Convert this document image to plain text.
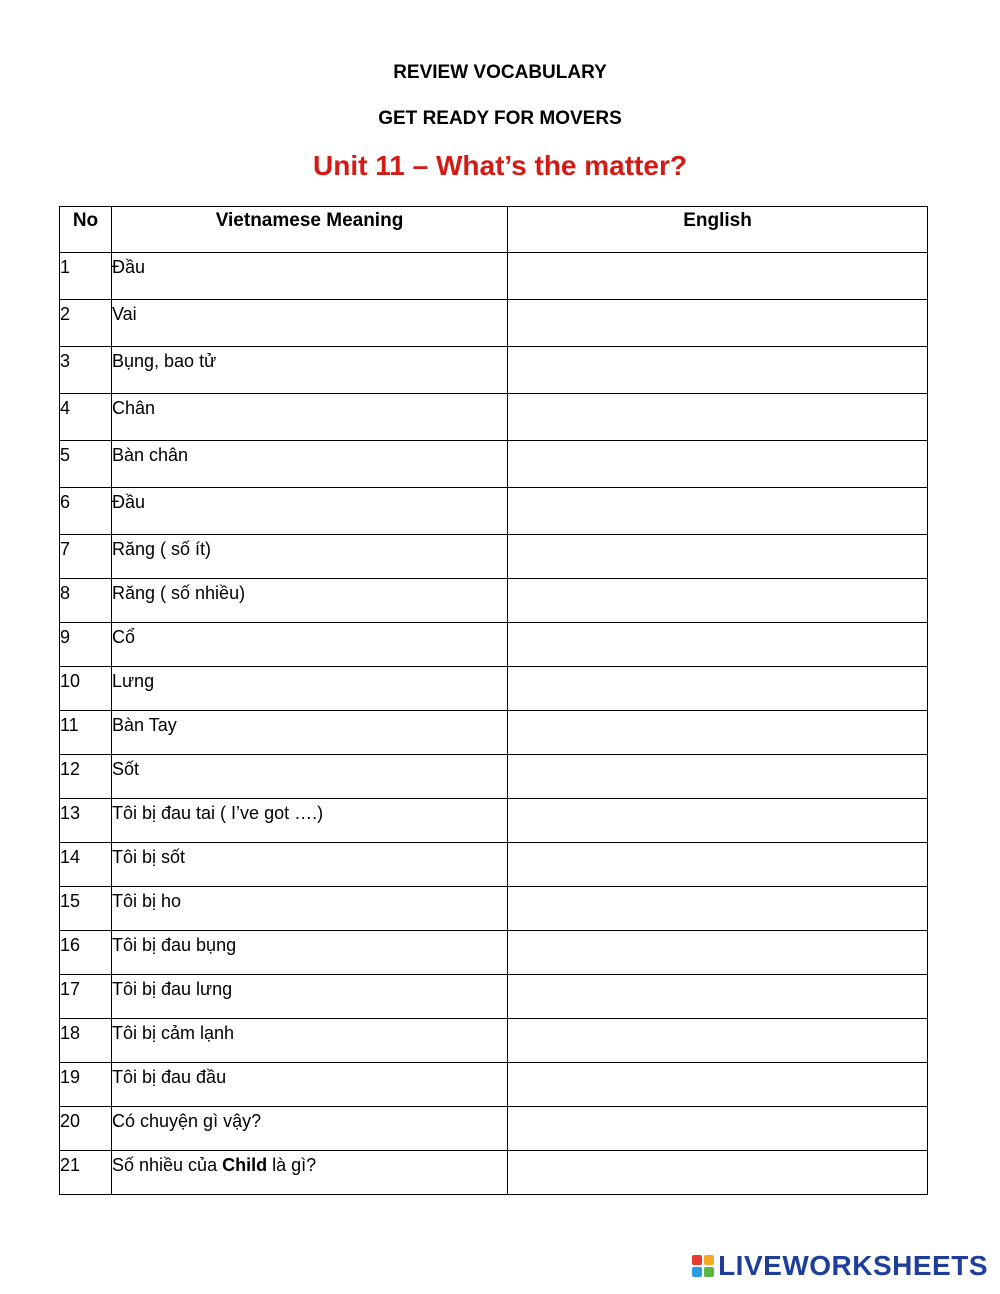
REVIEW VOCABULARY

GET READY FOR MOVERS

Unit 11 – What’s the matter?

No	Vietnamese Meaning	English
1	Đầu	

2	Vai	

3	Bụng, bao tử	

4	Chân	

5	Bàn chân	

6	Đầu	

7	Răng ( số ít)	

8	Răng ( số nhiều)	

9	Cổ	

10	Lưng	

11	Bàn Tay	

12	Sốt	

13	Tôi bị đau tai ( I’ve got ….)	

14	Tôi bị sốt	

15	Tôi bị ho	

16	Tôi bị đau bụng	

17	Tôi bị đau lưng	

18	Tôi bị cảm lạnh	

19	Tôi bị đau đầu	

20	Có chuyện gì vậy?	

21	Số nhiều của Child là gì?	
LIVEWORKSHEETS
